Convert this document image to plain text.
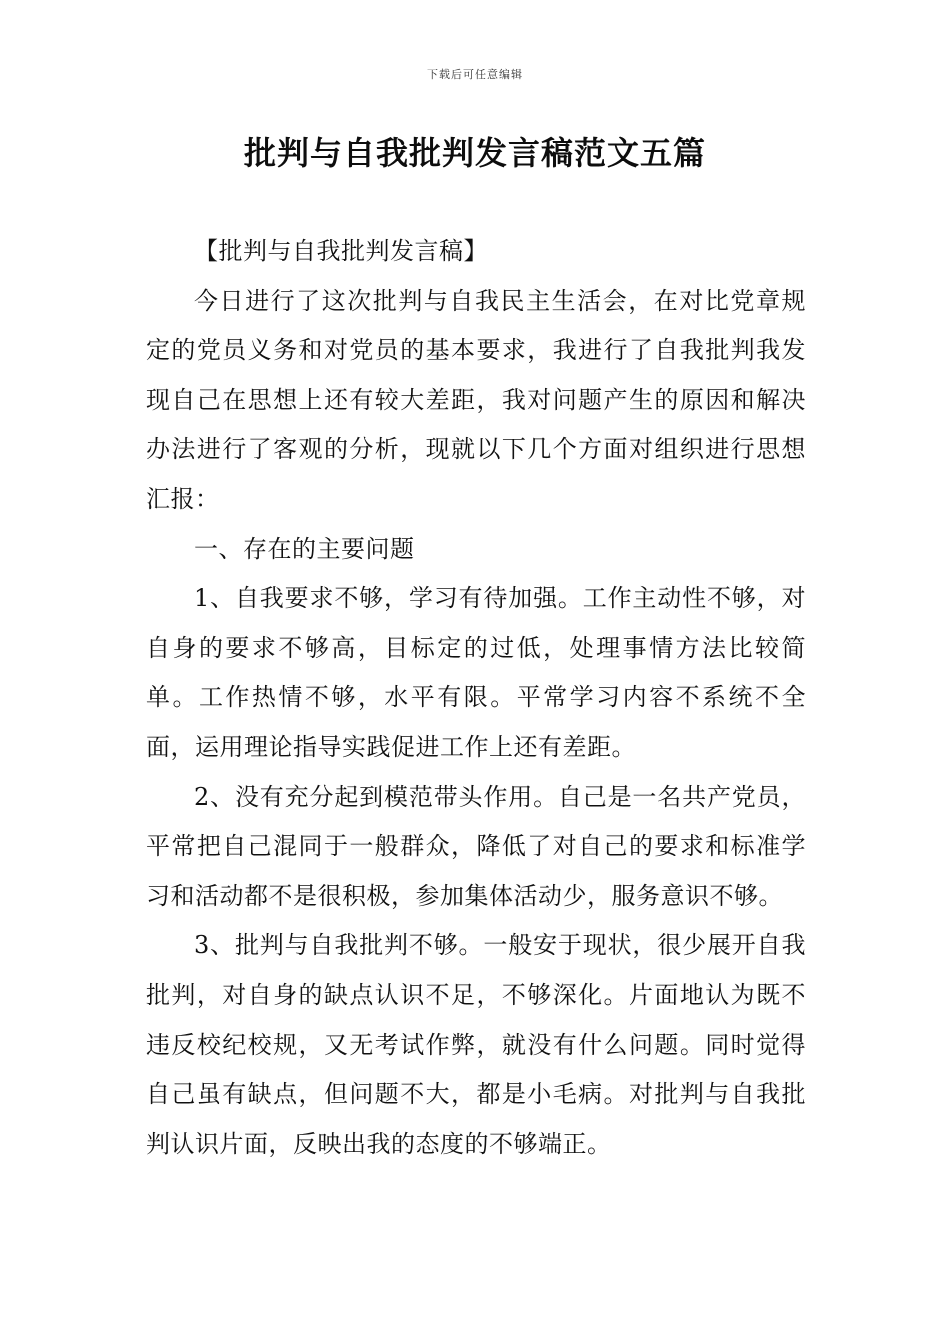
下载后可任意编辑
批判与自我批判发言稿范文五篇

【批判与自我批判发言稿】

今日进行了这次批判与自我民主生活会，在对比党章规定的党员义务和对党员的基本要求，我进行了自我批判我发现自己在思想上还有较大差距，我对问题产生的原因和解决办法进行了客观的分析，现就以下几个方面对组织进行思想汇报：

一、存在的主要问题

1、自我要求不够，学习有待加强。工作主动性不够，对自身的要求不够高，目标定的过低，处理事情方法比较简单。工作热情不够，水平有限。平常学习内容不系统不全面，运用理论指导实践促进工作上还有差距。

2、没有充分起到模范带头作用。自己是一名共产党员，平常把自己混同于一般群众，降低了对自己的要求和标准学习和活动都不是很积极，参加集体活动少，服务意识不够。

3、批判与自我批判不够。一般安于现状，很少展开自我批判，对自身的缺点认识不足，不够深化。片面地认为既不违反校纪校规，又无考试作弊，就没有什么问题。同时觉得自己虽有缺点，但问题不大，都是小毛病。对批判与自我批判认识片面，反映出我的态度的不够端正。
